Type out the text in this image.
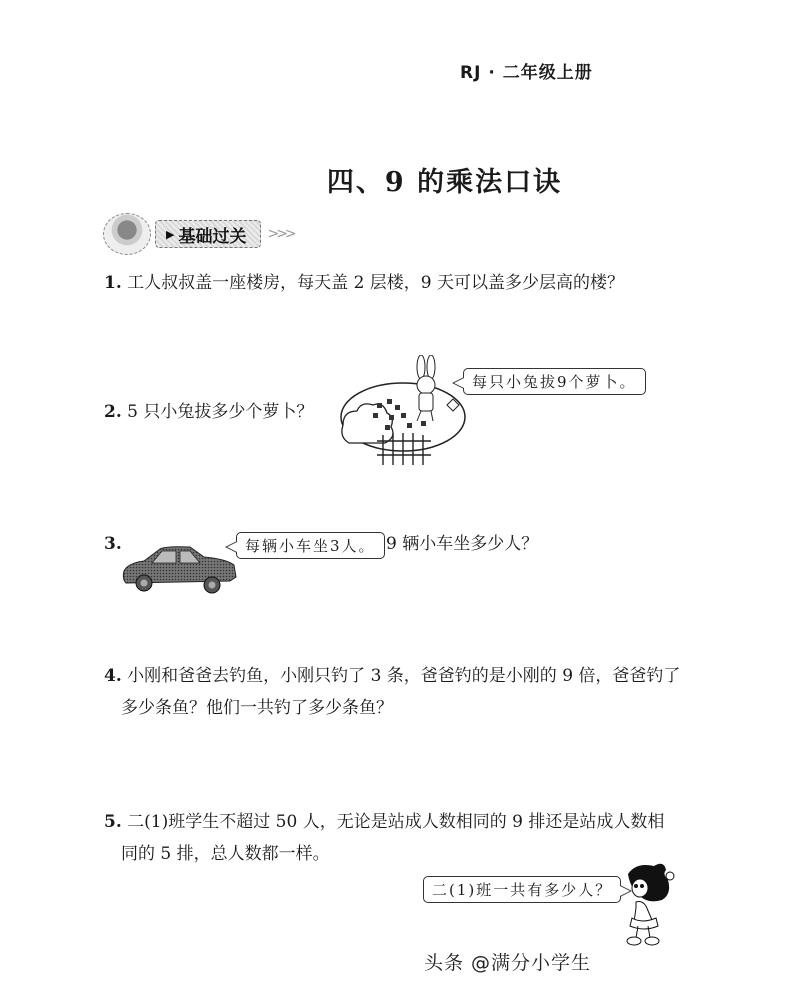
RJ · 二年级上册
四、9 的乘法口诀
▶ 基础过关 >>>
1. 工人叔叔盖一座楼房，每天盖 2 层楼，9 天可以盖多少层高的楼？
2. 5 只小兔拔多少个萝卜？
每只小兔拔9个萝卜。
3.	每辆小车坐3人。 9 辆小车坐多少人？
4. 小刚和爸爸去钓鱼，小刚只钓了 3 条，爸爸钓的是小刚的 9 倍，爸爸钓了
多少条鱼？他们一共钓了多少条鱼？
5. 二(1)班学生不超过 50 人，无论是站成人数相同的 9 排还是站成人数相
同的 5 排，总人数都一样。
二(1)班一共有多少人？
头条 @满分小学生
